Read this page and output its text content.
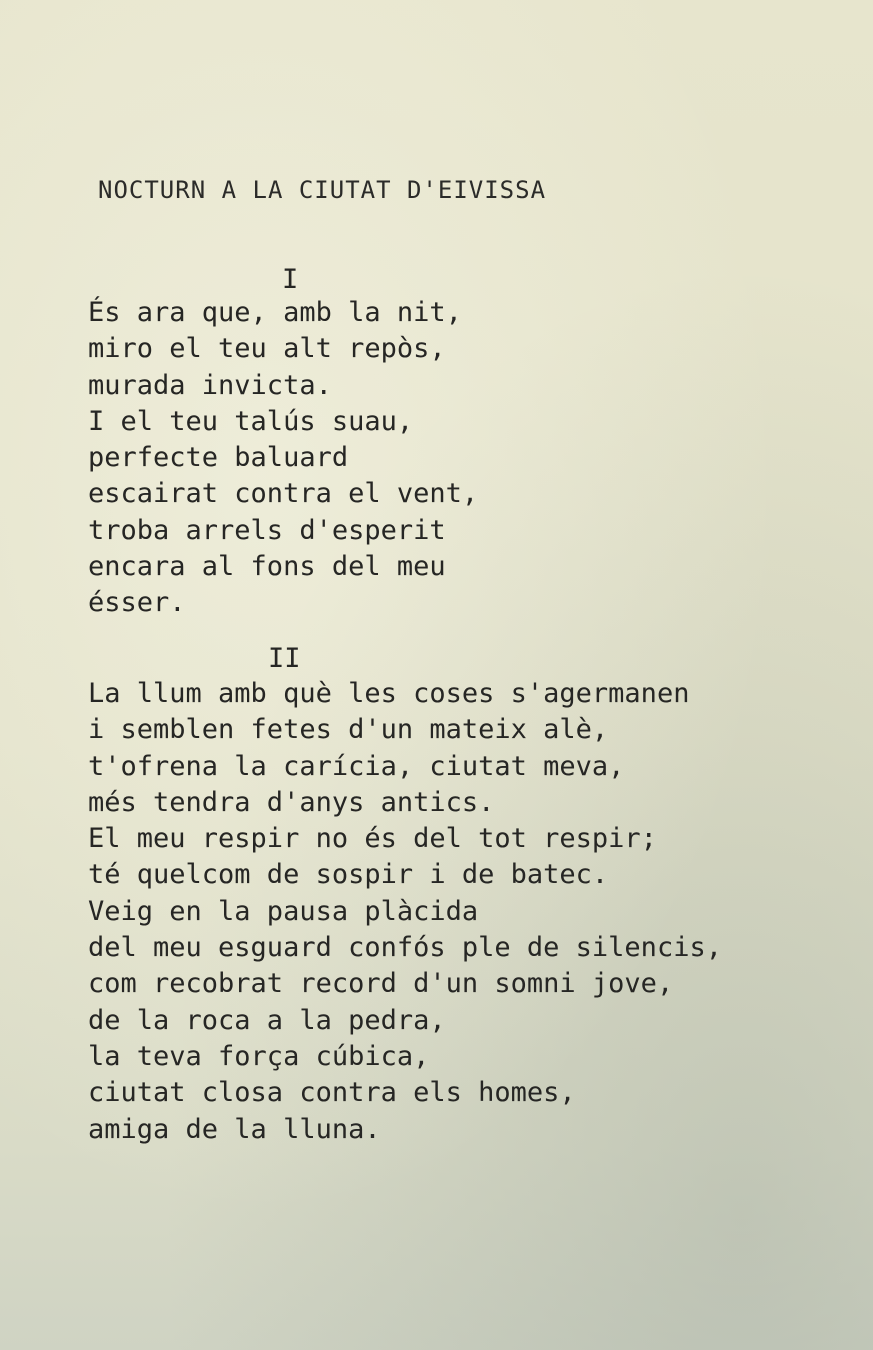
NOCTURN A LA CIUTAT D'EIVISSA
I
És ara que, amb la nit,
miro el teu alt repòs,
murada invicta.
I el teu talús suau,
perfecte baluard
escairat contra el vent,
troba arrels d'esperit
encara al fons del meu
ésser.
II
La llum amb què les coses s'agermanen
i semblen fetes d'un mateix alè,
t'ofrena la carícia, ciutat meva,
més tendra d'anys antics.
El meu respir no és del tot respir;
té quelcom de sospir i de batec.
Veig en la pausa plàcida
del meu esguard confós ple de silencis,
com recobrat record d'un somni jove,
de la roca a la pedra,
la teva força cúbica,
ciutat closa contra els homes,
amiga de la lluna.
